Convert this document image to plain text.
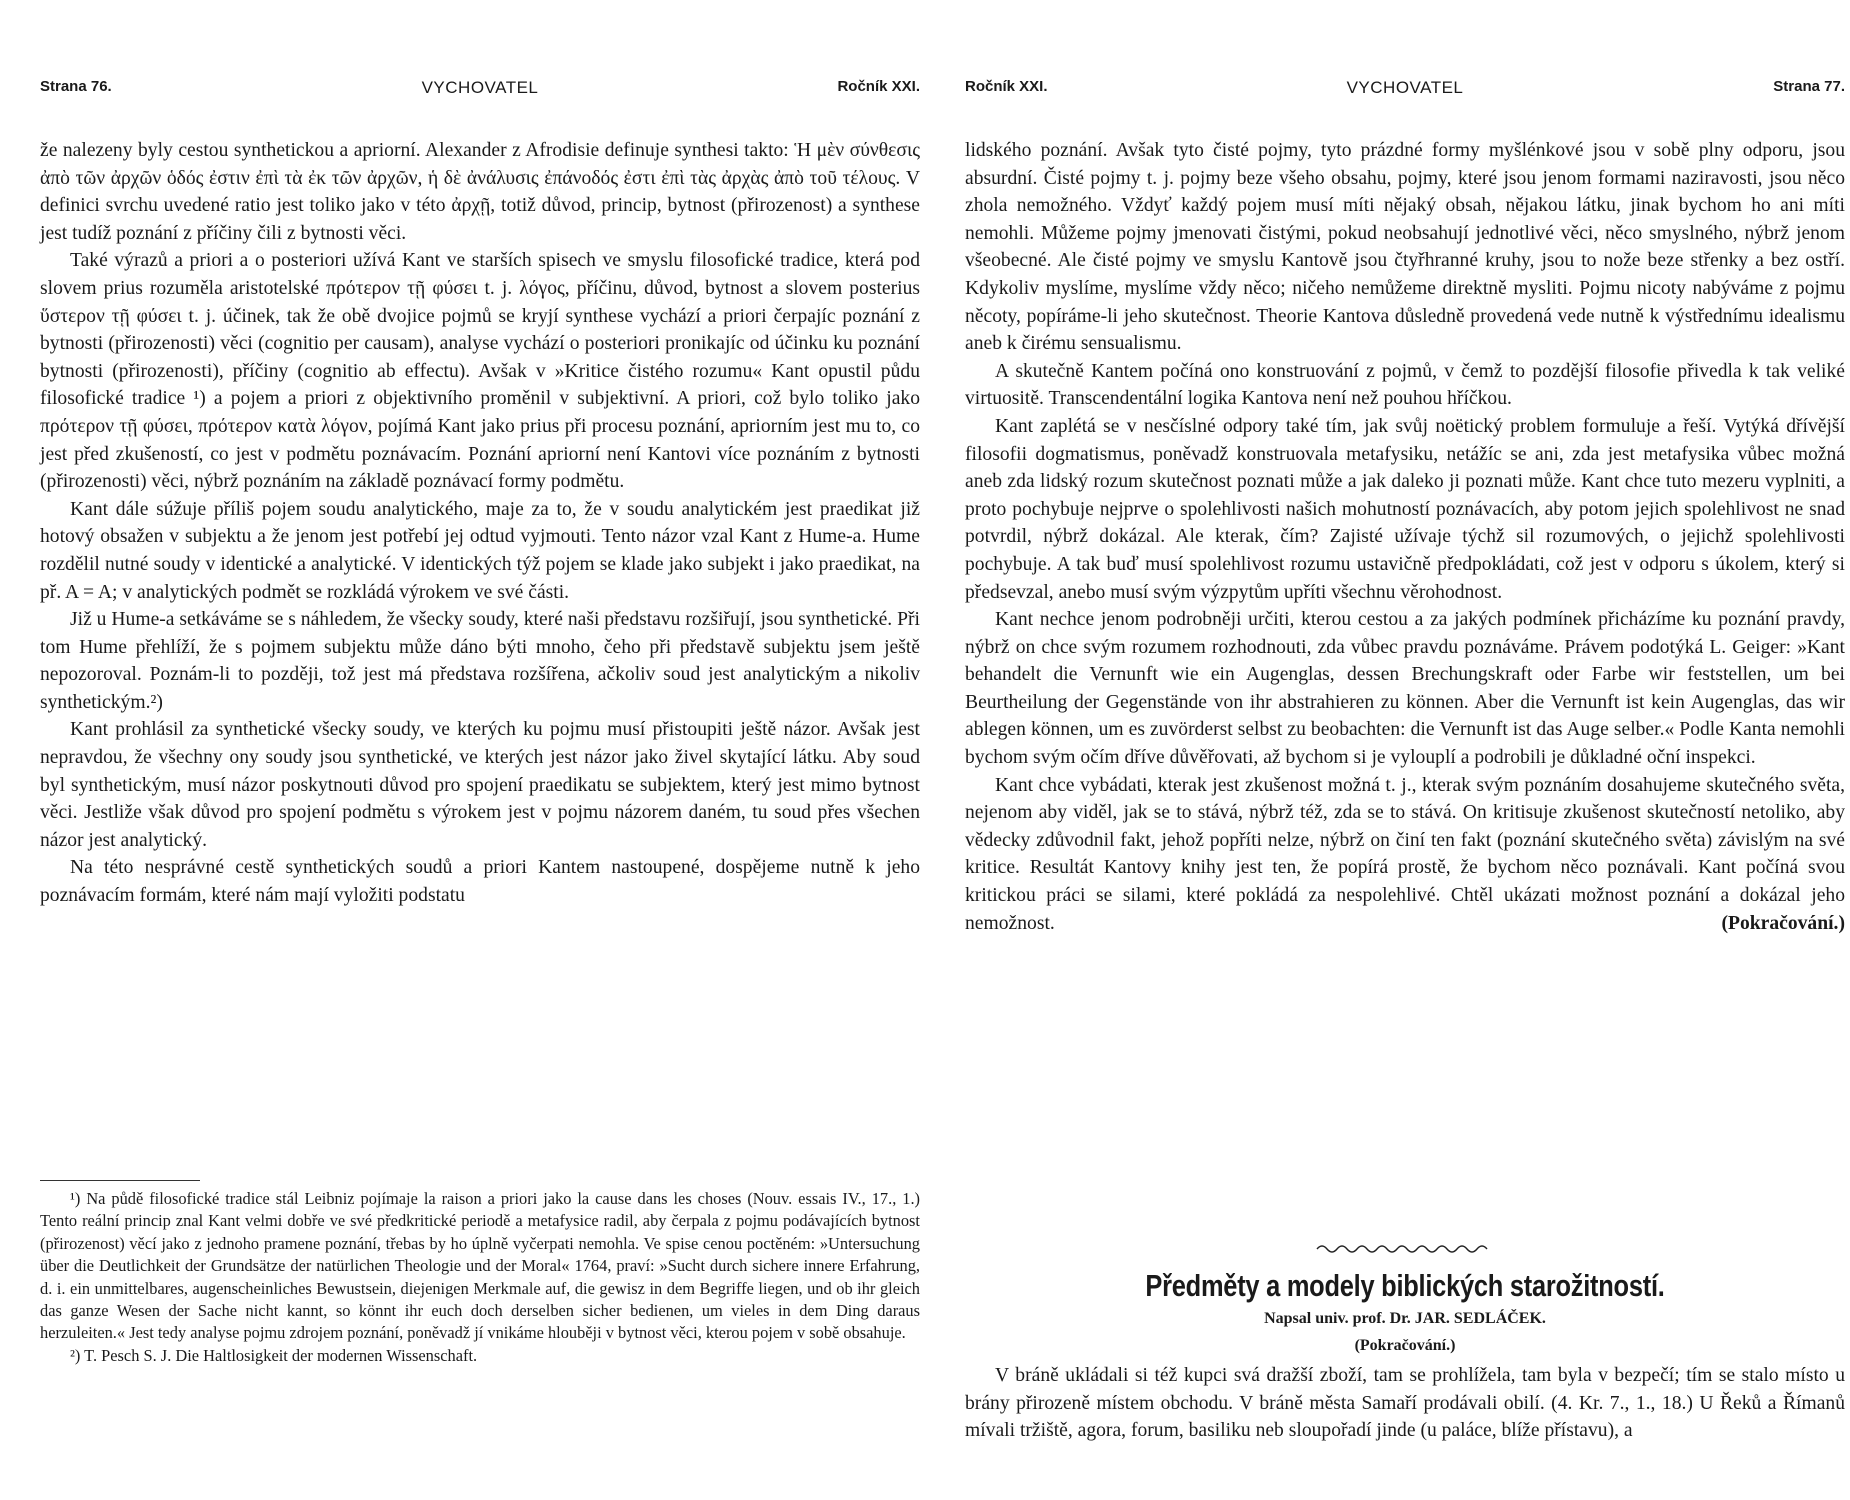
Strana 76.	VYCHOVATEL	Ročník XXI.

že nalezeny byly cestou synthetickou a apriorní. Alexander z Afrodisie definuje synthesi takto: Ἡ μὲν σύνθεσις ἀπὸ τῶν ἀρχῶν ὁδός ἐστιν ἐπὶ τὰ ἐκ τῶν ἀρχῶν, ἡ δὲ ἀνάλυσις ἐπάνοδός ἐστι ἐπὶ τὰς ἀρχὰς ἀπὸ τοῦ τέλους. V definici svrchu uvedené ratio jest toliko jako v této ἀρχῇ, totiž důvod, princip, bytnost (přirozenost) a synthese jest tudíž poznání z příčiny čili z bytnosti věci.

Také výrazů a priori a o posteriori užívá Kant ve starších spisech ve smyslu filosofické tradice, která pod slovem prius rozuměla aristotelské πρότερον τῇ φύσει t. j. λόγος, příčinu, důvod, bytnost a slovem posterius ὕστερον τῇ φύσει t. j. účinek, tak že obě dvojice pojmů se kryjí synthese vychází a priori čerpajíc poznání z bytnosti (přirozenosti) věci (cognitio per causam), analyse vychází o posteriori pronikajíc od účinku ku poznání bytnosti (přirozenosti), příčiny (cognitio ab effectu). Avšak v »Kritice čistého rozumu« Kant opustil půdu filosofické tradice ¹) a pojem a priori z objektivního proměnil v subjektivní. A priori, což bylo toliko jako πρότερον τῇ φύσει, πρότερον κατὰ λόγον, pojímá Kant jako prius při procesu poznání, apriorním jest mu to, co jest před zkušeností, co jest v podmětu poznávacím. Poznání apriorní není Kantovi více poznáním z bytnosti (přirozenosti) věci, nýbrž poznáním na základě poznávací formy podmětu.

Kant dále súžuje příliš pojem soudu analytického, maje za to, že v soudu analytickém jest praedikat již hotový obsažen v subjektu a že jenom jest potřebí jej odtud vyjmouti. Tento názor vzal Kant z Hume-a. Hume rozdělil nutné soudy v identické a analytické. V identických týž pojem se klade jako subjekt i jako praedikat, na př. A = A; v analytických podmět se rozkládá výrokem ve své části.

Již u Hume-a setkáváme se s náhledem, že všecky soudy, které naši představu rozšiřují, jsou synthetické. Při tom Hume přehlíží, že s pojmem subjektu může dáno býti mnoho, čeho při představě subjektu jsem ještě nepozoroval. Poznám-li to později, tož jest má představa rozšířena, ačkoliv soud jest analytickým a nikoliv synthetickým.²)

Kant prohlásil za synthetické všecky soudy, ve kterých ku pojmu musí přistoupiti ještě názor. Avšak jest nepravdou, že všechny ony soudy jsou synthetické, ve kterých jest názor jako živel skytající látku. Aby soud byl synthetickým, musí názor poskytnouti důvod pro spojení praedikatu se subjektem, který jest mimo bytnost věci. Jestliže však důvod pro spojení podmětu s výrokem jest v pojmu názorem daném, tu soud přes všechen názor jest analytický.

Na této nesprávné cestě synthetických soudů a priori Kantem nastoupené, dospějeme nutně k jeho poznávacím formám, které nám mají vyložiti podstatu

¹) Na půdě filosofické tradice stál Leibniz pojímaje la raison a priori jako la cause dans les choses (Nouv. essais IV., 17., 1.) Tento reální princip znal Kant velmi dobře ve své předkritické periodě a metafysice radil, aby čerpala z pojmu podávajících bytnost (přirozenost) věcí jako z jednoho pramene poznání, třebas by ho úplně vyčerpati nemohla. Ve spise cenou poctěném: »Untersuchung über die Deutlichkeit der Grundsätze der natürlichen Theologie und der Moral« 1764, praví: »Sucht durch sichere innere Erfahrung, d. i. ein unmittelbares, augenscheinliches Bewustsein, diejenigen Merkmale auf, die gewisz in dem Begriffe liegen, und ob ihr gleich das ganze Wesen der Sache nicht kannt, so könnt ihr euch doch derselben sicher bedienen, um vieles in dem Ding daraus herzuleiten.« Jest tedy analyse pojmu zdrojem poznání, poněvadž jí vnikáme hlouběji v bytnost věci, kterou pojem v sobě obsahuje.

²) T. Pesch S. J. Die Haltlosigkeit der modernen Wissenschaft.

Ročník XXI.	VYCHOVATEL	Strana 77.

lidského poznání. Avšak tyto čisté pojmy, tyto prázdné formy myšlénkové jsou v sobě plny odporu, jsou absurdní. Čisté pojmy t. j. pojmy beze všeho obsahu, pojmy, které jsou jenom formami naziravosti, jsou něco zhola nemožného. Vždyť každý pojem musí míti nějaký obsah, nějakou látku, jinak bychom ho ani míti nemohli. Můžeme pojmy jmenovati čistými, pokud neobsahují jednotlivé věci, něco smyslného, nýbrž jenom všeobecné. Ale čisté pojmy ve smyslu Kantově jsou čtyřhranné kruhy, jsou to nože beze střenky a bez ostří. Kdykoliv myslíme, myslíme vždy něco; ničeho nemůžeme direktně mysliti. Pojmu nicoty nabýváme z pojmu něcoty, popíráme-li jeho skutečnost. Theorie Kantova důsledně provedená vede nutně k výstřednímu idealismu aneb k čirému sensualismu.

A skutečně Kantem počíná ono konstruování z pojmů, v čemž to pozdější filosofie přivedla k tak veliké virtuositě. Transcendentální logika Kantova není než pouhou hříčkou.

Kant zaplétá se v nesčíslné odpory také tím, jak svůj noëtický problem formuluje a řeší. Vytýká dřívější filosofii dogmatismus, poněvadž konstruovala metafysiku, netážíc se ani, zda jest metafysika vůbec možná aneb zda lidský rozum skutečnost poznati může a jak daleko ji poznati může. Kant chce tuto mezeru vyplniti, a proto pochybuje nejprve o spolehlivosti našich mohutností poznávacích, aby potom jejich spolehlivost ne snad potvrdil, nýbrž dokázal. Ale kterak, čím? Zajisté užívaje týchž sil rozumových, o jejichž spolehlivosti pochybuje. A tak buď musí spolehlivost rozumu ustavičně předpokládati, což jest v odporu s úkolem, který si předsevzal, anebo musí svým výzpytům upříti všechnu věrohodnost.

Kant nechce jenom podrobněji určiti, kterou cestou a za jakých podmínek přicházíme ku poznání pravdy, nýbrž on chce svým rozumem rozhodnouti, zda vůbec pravdu poznáváme. Právem podotýká L. Geiger: »Kant behandelt die Vernunft wie ein Augenglas, dessen Brechungskraft oder Farbe wir feststellen, um bei Beurtheilung der Gegenstände von ihr abstrahieren zu können. Aber die Vernunft ist kein Augenglas, das wir ablegen können, um es zuvörderst selbst zu beobachten: die Vernunft ist das Auge selber.« Podle Kanta nemohli bychom svým očím dříve důvěřovati, až bychom si je vylouplí a podrobili je důkladné oční inspekci.

Kant chce vybádati, kterak jest zkušenost možná t. j., kterak svým poznáním dosahujeme skutečného světa, nejenom aby viděl, jak se to stává, nýbrž též, zda se to stává. On kritisuje zkušenost skutečností netoliko, aby vědecky zdůvodnil fakt, jehož popříti nelze, nýbrž on činí ten fakt (poznání skutečného světa) závislým na své kritice. Resultát Kantovy knihy jest ten, že popírá prostě, že bychom něco poznávali. Kant počíná svou kritickou práci se silami, které pokládá za nespolehlivé. Chtěl ukázati možnost poznání a dokázal jeho nemožnost.	(Pokračování.)

Předměty a modely biblických starožitností.
Napsal univ. prof. Dr. JAR. SEDLÁČEK.
(Pokračování.)

V bráně ukládali si též kupci svá dražší zboží, tam se prohlížela, tam byla v bezpečí; tím se stalo místo u brány přirozeně místem obchodu. V bráně města Samaří prodávali obilí. (4. Kr. 7., 1., 18.) U Řeků a Římanů mívali tržiště, agora, forum, basiliku neb sloupořadí jinde (u paláce, blíže přístavu), a
